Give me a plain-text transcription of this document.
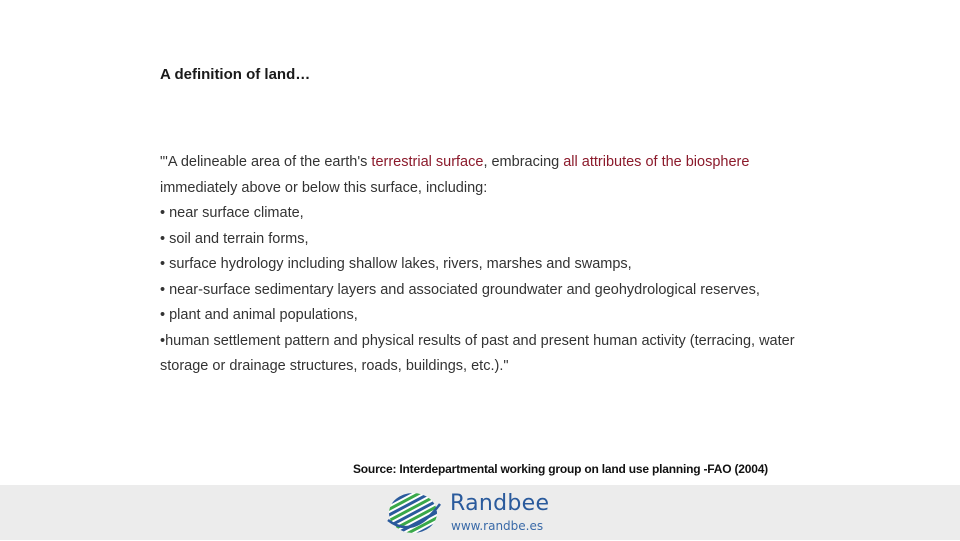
A definition of land…

"'A delineable area of the earth's terrestrial surface, embracing all attributes of the biosphere immediately above or below this surface, including:

• near surface climate,

• soil and terrain forms,

• surface hydrology including shallow lakes, rivers, marshes and swamps,

• near-surface sedimentary layers and associated groundwater and geohydrological reserves,

• plant and animal populations,

•human settlement pattern and physical results of past and present human activity (terracing, water storage or drainage structures, roads, buildings, etc.)."

Source: Interdepartmental working group on land use planning -FAO (2004)
Randbee
www.randbe.es
